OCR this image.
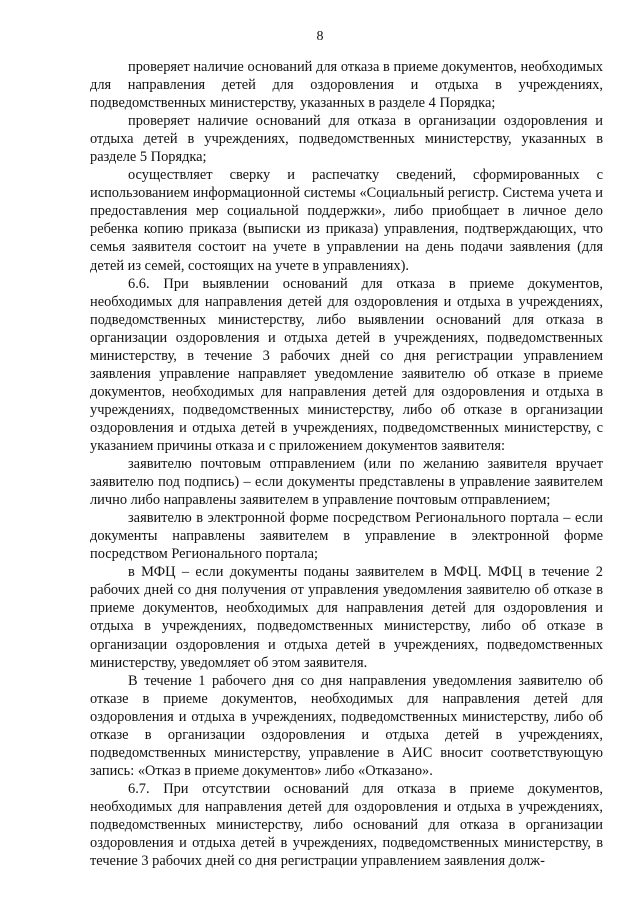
8

проверяет наличие оснований для отказа в приеме документов, необходимых для направления детей для оздоровления и отдыха в учреждениях, подведомственных министерству, указанных в разделе 4 Порядка;

проверяет наличие оснований для отказа в организации оздоровления и отдыха детей в учреждениях, подведомственных министерству, указанных в разделе 5 Порядка;

осуществляет сверку и распечатку сведений, сформированных с использованием информационной системы «Социальный регистр. Система учета и предоставления мер социальной поддержки», либо приобщает в личное дело ребенка копию приказа (выписки из приказа) управления, подтверждающих, что семья заявителя состоит на учете в управлении на день подачи заявления (для детей из семей, состоящих на учете в управлениях).

6.6. При выявлении оснований для отказа в приеме документов, необходимых для направления детей для оздоровления и отдыха в учреждениях, подведомственных министерству, либо выявлении оснований для отказа в организации оздоровления и отдыха детей в учреждениях, подведомственных министерству, в течение 3 рабочих дней со дня регистрации управлением заявления управление направляет уведомление заявителю об отказе в приеме документов, необходимых для направления детей для оздоровления и отдыха в учреждениях, подведомственных министерству, либо об отказе в организации оздоровления и отдыха детей в учреждениях, подведомственных министерству, с указанием причины отказа и с приложением документов заявителя:

заявителю почтовым отправлением (или по желанию заявителя вручает заявителю под подпись) – если документы представлены в управление заявителем лично либо направлены заявителем в управление почтовым отправлением;

заявителю в электронной форме посредством Регионального портала – если документы направлены заявителем в управление в электронной форме посредством Регионального портала;

в МФЦ – если документы поданы заявителем в МФЦ. МФЦ в течение 2 рабочих дней со дня получения от управления уведомления заявителю об отказе в приеме документов, необходимых для направления детей для оздоровления и отдыха в учреждениях, подведомственных министерству, либо об отказе в организации оздоровления и отдыха детей в учреждениях, подведомственных министерству, уведомляет об этом заявителя.

В течение 1 рабочего дня со дня направления уведомления заявителю об отказе в приеме документов, необходимых для направления детей для оздоровления и отдыха в учреждениях, подведомственных министерству, либо об отказе в организации оздоровления и отдыха детей в учреждениях, подведомственных министерству, управление в АИС вносит соответствующую запись: «Отказ в приеме документов» либо «Отказано».

6.7. При отсутствии оснований для отказа в приеме документов, необходимых для направления детей для оздоровления и отдыха в учреждениях, подведомственных министерству, либо оснований для отказа в организации оздоровления и отдыха детей в учреждениях, подведомственных министерству, в течение 3 рабочих дней со дня регистрации управлением заявления долж-
